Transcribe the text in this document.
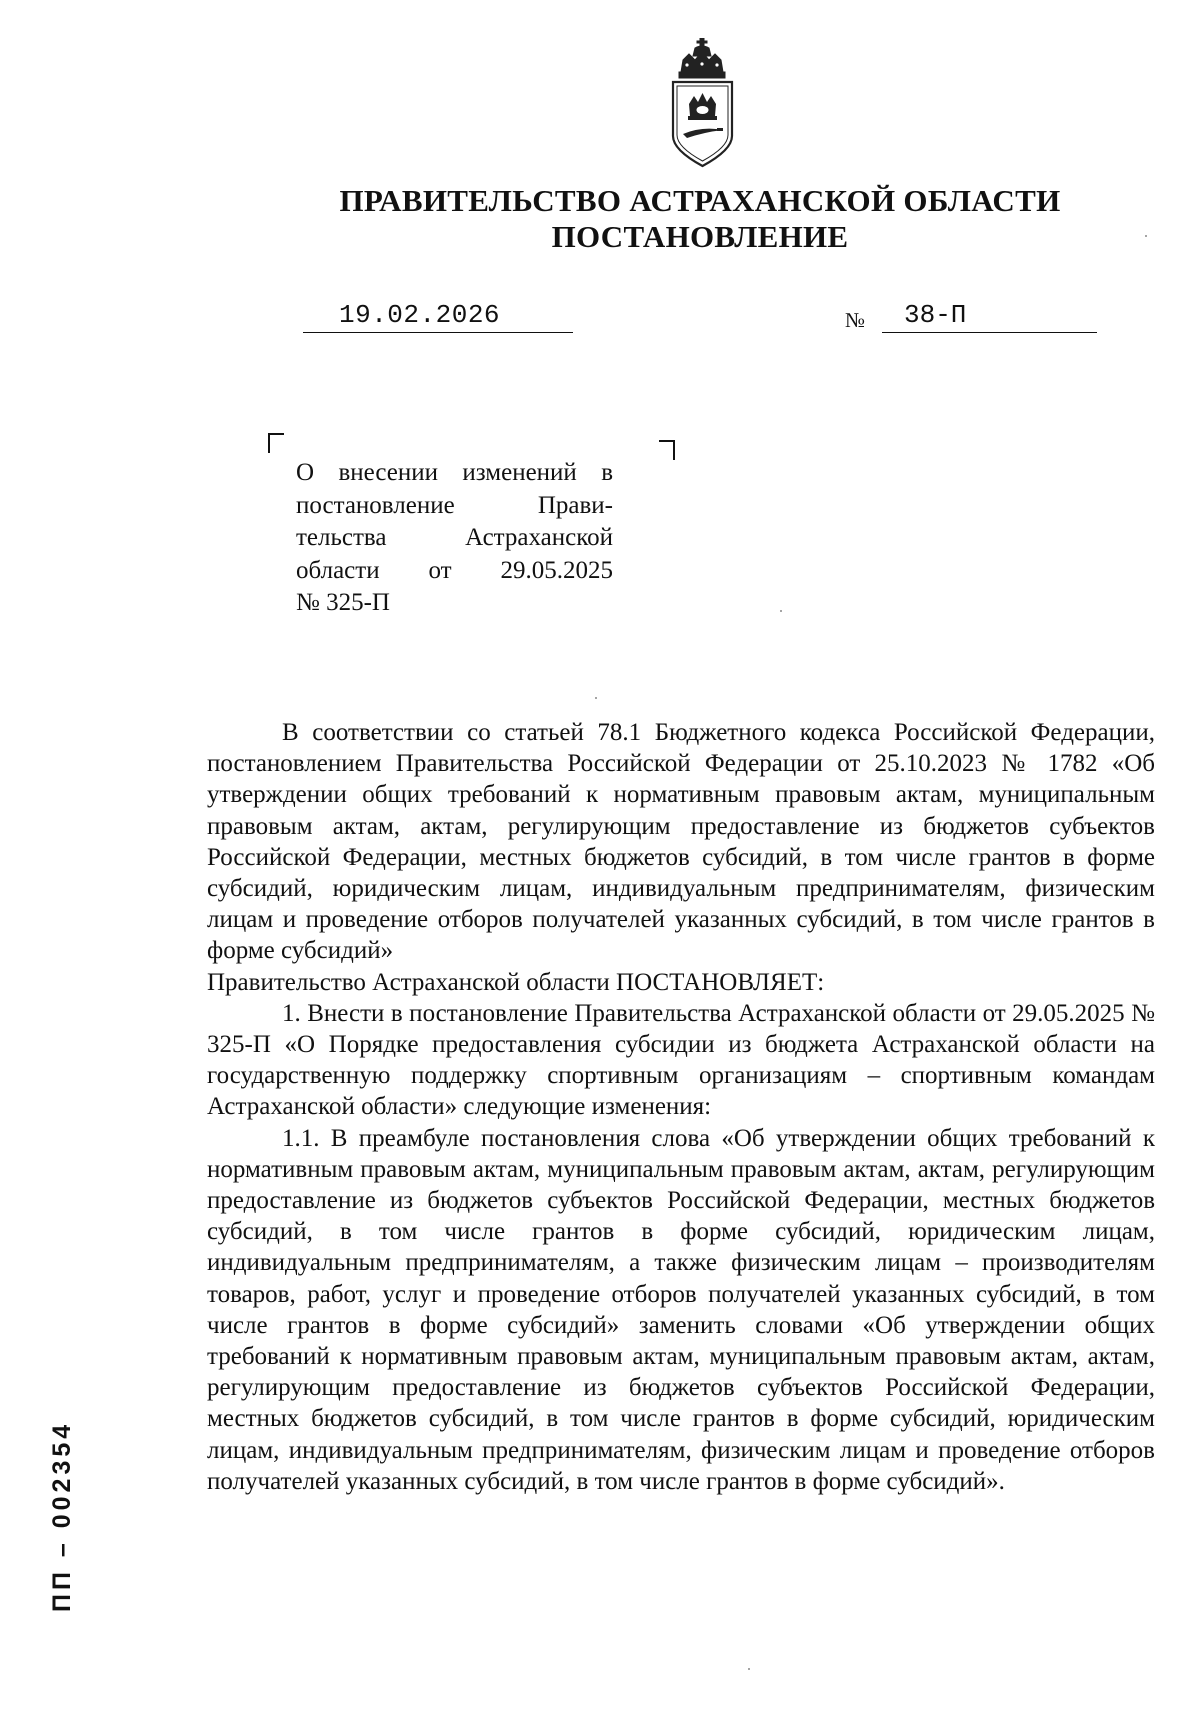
ПРАВИТЕЛЬСТВО АСТРАХАНСКОЙ ОБЛАСТИ
ПОСТАНОВЛЕНИЕ
19.02.2026	№ 38-П
О внесении изменений в
постановление Прави-
тельства Астраханской
области от 29.05.2025
№ 325-П

В соответствии со статьей 78.1 Бюджетного кодекса Российской Федерации, постановлением Правительства Российской Федерации от 25.10.2023 № 1782 «Об утверждении общих требований к нормативным правовым актам, муниципальным правовым актам, актам, регулирующим предоставление из бюджетов субъектов Российской Федерации, местных бюджетов субсидий, в том числе грантов в форме субсидий, юридическим лицам, индивидуальным предпринимателям, физическим лицам и проведение отборов получателей указанных субсидий, в том числе грантов в форме субсидий»

Правительство Астраханской области ПОСТАНОВЛЯЕТ:

1. Внести в постановление Правительства Астраханской области от 29.05.2025 № 325-П «О Порядке предоставления субсидии из бюджета Астраханской области на государственную поддержку спортивным организациям – спортивным командам Астраханской области» следующие изменения:

1.1. В преамбуле постановления слова «Об утверждении общих требований к нормативным правовым актам, муниципальным правовым актам, актам, регулирующим предоставление из бюджетов субъектов Российской Федерации, местных бюджетов субсидий, в том числе грантов в форме субсидий, юридическим лицам, индивидуальным предпринимателям, а также физическим лицам – производителям товаров, работ, услуг и проведение отборов получателей указанных субсидий, в том числе грантов в форме субсидий» заменить словами «Об утверждении общих требований к нормативным правовым актам, муниципальным правовым актам, актам, регулирующим предоставление из бюджетов субъектов Российской Федерации, местных бюджетов субсидий, в том числе грантов в форме субсидий, юридическим лицам, индивидуальным предпринимателям, физическим лицам и проведение отборов получателей указанных субсидий, в том числе грантов в форме субсидий».

ПП – 002354
